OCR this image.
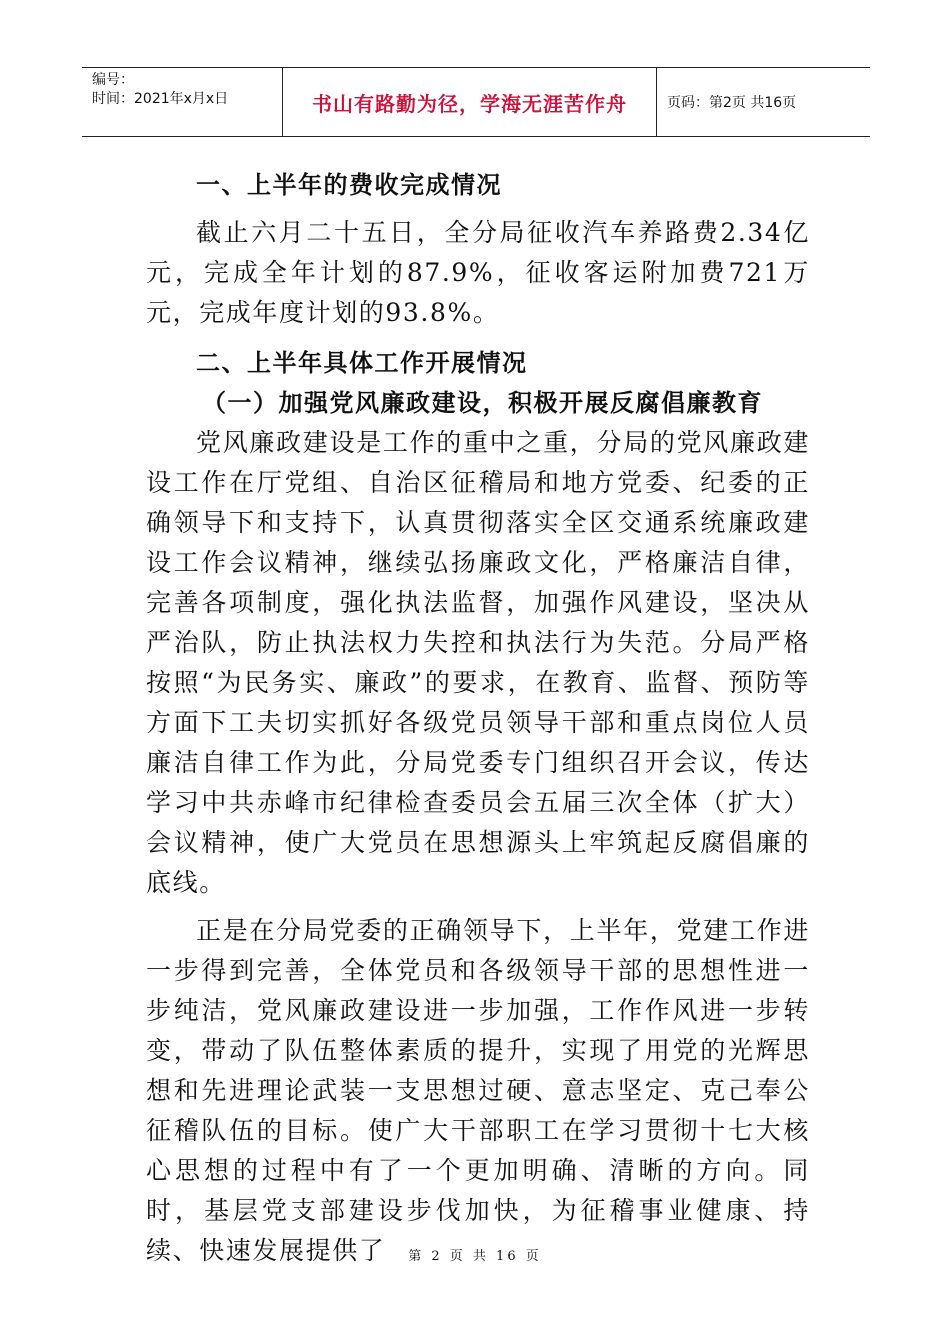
编号：
时间：2021年x月x日	书山有路勤为径，学海无涯苦作舟	页码：第2页 共16页
一、上半年的费收完成情况

截止六月二十五日，全分局征收汽车养路费2.34亿元，完成全年计划的87.9%，征收客运附加费721万元，完成年度计划的93.8%。

二、上半年具体工作开展情况
（一）加强党风廉政建设，积极开展反腐倡廉教育

党风廉政建设是工作的重中之重，分局的党风廉政建设工作在厅党组、自治区征稽局和地方党委、纪委的正确领导下和支持下，认真贯彻落实全区交通系统廉政建设工作会议精神，继续弘扬廉政文化，严格廉洁自律，完善各项制度，强化执法监督，加强作风建设，坚决从严治队，防止执法权力失控和执法行为失范。分局严格按照“为民务实、廉政”的要求，在教育、监督、预防等方面下工夫切实抓好各级党员领导干部和重点岗位人员廉洁自律工作为此，分局党委专门组织召开会议，传达学习中共赤峰市纪律检查委员会五届三次全体（扩大）会议精神，使广大党员在思想源头上牢筑起反腐倡廉的底线。

正是在分局党委的正确领导下，上半年，党建工作进一步得到完善，全体党员和各级领导干部的思想性进一步纯洁，党风廉政建设进一步加强，工作作风进一步转变，带动了队伍整体素质的提升，实现了用党的光辉思想和先进理论武装一支思想过硬、意志坚定、克己奉公征稽队伍的目标。使广大干部职工在学习贯彻十七大核心思想的过程中有了一个更加明确、清晰的方向。同时，基层党支部建设步伐加快，为征稽事业健康、持续、快速发展提供了	第 2 页 共 16 页
